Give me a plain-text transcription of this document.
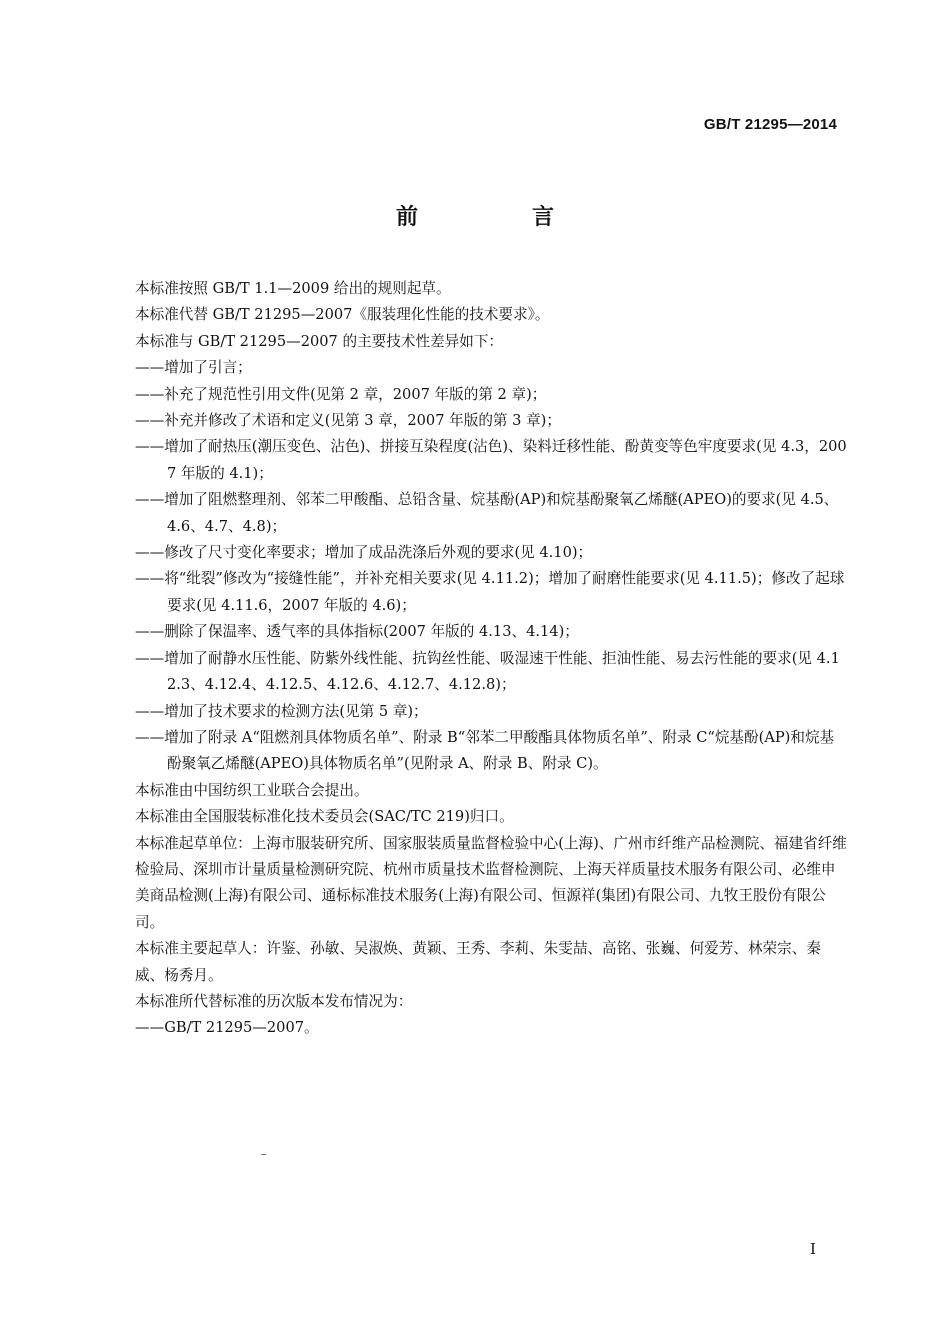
GB/T 21295—2014
前　言

本标准按照 GB/T 1.1—2009 给出的规则起草。

本标准代替 GB/T 21295—2007《服装理化性能的技术要求》。

本标准与 GB/T 21295—2007 的主要技术性差异如下：

——增加了引言；

——补充了规范性引用文件(见第 2 章，2007 年版的第 2 章)；

——补充并修改了术语和定义(见第 3 章，2007 年版的第 3 章)；

——增加了耐热压(潮压变色、沾色)、拼接互染程度(沾色)、染料迁移性能、酚黄变等色牢度要求(见 4.3，2007 年版的 4.1)；

——增加了阻燃整理剂、邻苯二甲酸酯、总铅含量、烷基酚(AP)和烷基酚聚氧乙烯醚(APEO)的要求(见 4.5、4.6、4.7、4.8)；

——修改了尺寸变化率要求；增加了成品洗涤后外观的要求(见 4.10)；

——将“纰裂”修改为“接缝性能”，并补充相关要求(见 4.11.2)；增加了耐磨性能要求(见 4.11.5)；修改了起球要求(见 4.11.6，2007 年版的 4.6)；

——删除了保温率、透气率的具体指标(2007 年版的 4.13、4.14)；

——增加了耐静水压性能、防紫外线性能、抗钩丝性能、吸湿速干性能、拒油性能、易去污性能的要求(见 4.12.3、4.12.4、4.12.5、4.12.6、4.12.7、4.12.8)；

——增加了技术要求的检测方法(见第 5 章)；

——增加了附录 A“阻燃剂具体物质名单”、附录 B“邻苯二甲酸酯具体物质名单”、附录 C“烷基酚(AP)和烷基酚聚氧乙烯醚(APEO)具体物质名单”(见附录 A、附录 B、附录 C)。

本标准由中国纺织工业联合会提出。

本标准由全国服装标准化技术委员会(SAC/TC 219)归口。

本标准起草单位：上海市服装研究所、国家服装质量监督检验中心(上海)、广州市纤维产品检测院、福建省纤维检验局、深圳市计量质量检测研究院、杭州市质量技术监督检测院、上海天祥质量技术服务有限公司、必维申美商品检测(上海)有限公司、通标标准技术服务(上海)有限公司、恒源祥(集团)有限公司、九牧王股份有限公司。

本标准主要起草人：许鉴、孙敏、吴淑焕、黄颖、王秀、李莉、朱雯喆、高铭、张巍、何爱芳、林荣宗、秦威、杨秀月。

本标准所代替标准的历次版本发布情况为：

——GB/T 21295—2007。

I
